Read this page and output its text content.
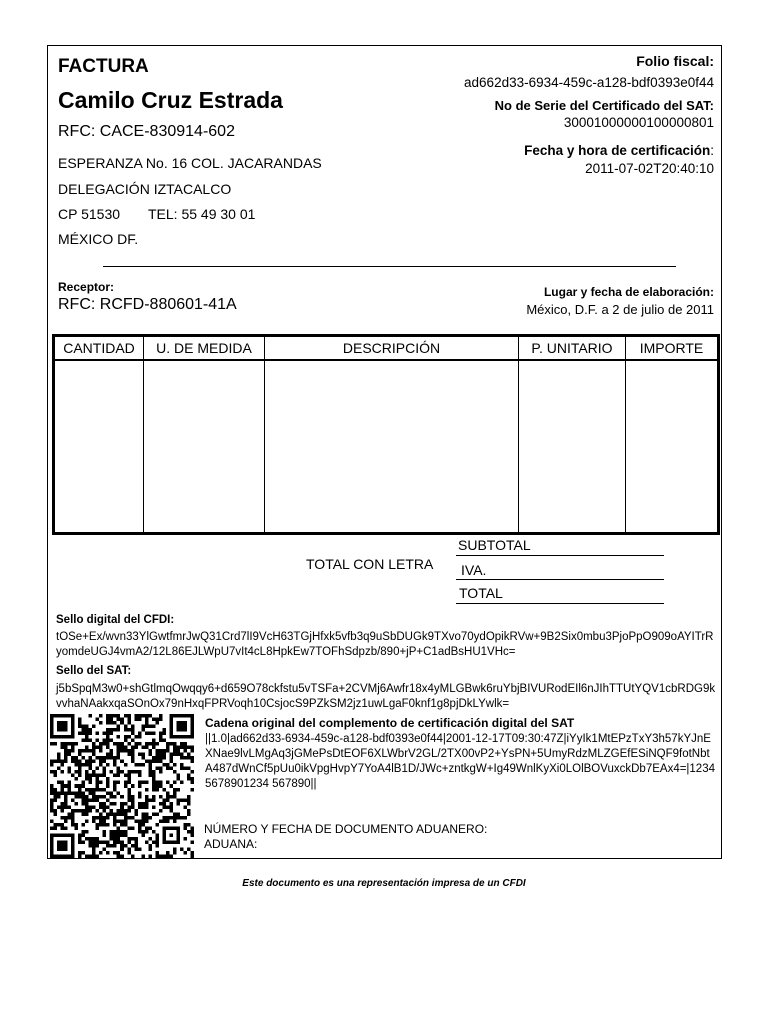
FACTURA
Camilo Cruz Estrada
RFC: CACE-830914-602
ESPERANZA No. 16 COL. JACARANDAS
DELEGACIÓN IZTACALCO
CP 51530 TEL: 55 49 30 01
MÉXICO DF.
Folio fiscal:
ad662d33-6934-459c-a128-bdf0393e0f44
No de Serie del Certificado del SAT:
30001000000100000801
Fecha y hora de certificación:
2011-07-02T20:40:10
Receptor:
RFC: RCFD-880601-41A
Lugar y fecha de elaboración:
México, D.F. a 2 de julio de 2011
CANTIDAD	U. DE MEDIDA	DESCRIPCIÓN	P. UNITARIO	IMPORTE

TOTAL CON LETRA
SUBTOTAL
IVA.
TOTAL
Sello digital del CFDI:
tOSe+Ex/wvn33YlGwtfmrJwQ31Crd7lI9VcH63TGjHfxk5vfb3q9uSbDUGk9TXvo70ydOpikRVw+9B2Six0mbu3PjoPpO909oAYITrRyomdeUGJ4vmA2/12L86EJLWpU7vIt4cL8HpkEw7TOFhSdpzb/890+jP+C1adBsHU1VHc=
Sello del SAT:
j5bSpqM3w0+shGtlmqOwqqy6+d659O78ckfstu5vTSFa+2CVMj6Awfr18x4yMLGBwk6ruYbjBIVURodEIl6nJIhTTUtYQV1cbRDG9kvvhaNAakxqaSOnOx79nHxqFPRVoqh10CsjocS9PZkSM2jz1uwLgaF0knf1g8pjDkLYwlk=
Cadena original del complemento de certificación digital del SAT
||1.0|ad662d33-6934-459c-a128-bdf0393e0f44|2001-12-17T09:30:47Z|iYyIk1MtEPzTxY3h57kYJnEXNae9lvLMgAq3jGMePsDtEOF6XLWbrV2GL/2TX00vP2+YsPN+5UmyRdzMLZGEfESiNQF9fotNbtA487dWnCf5pUu0ikVpgHvpY7YoA4lB1D/JWc+zntkgW+Ig49WnlKyXi0LOlBOVuxckDb7EAx4=|12345678901234 567890||
NÚMERO Y FECHA DE DOCUMENTO ADUANERO:
ADUANA:
Este documento es una representación impresa de un CFDI
